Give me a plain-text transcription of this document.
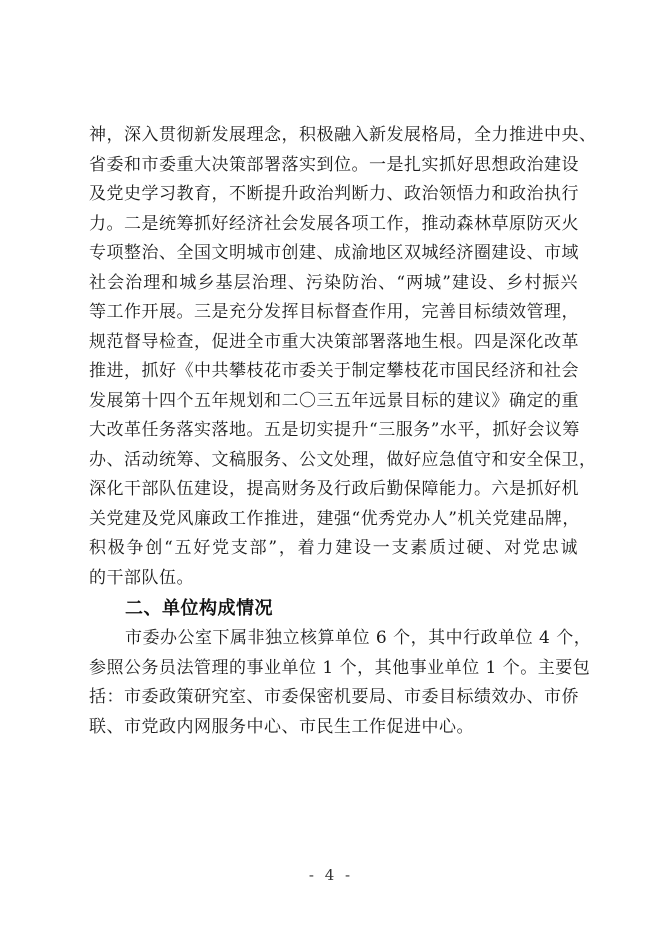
神，深入贯彻新发展理念，积极融入新发展格局，全力推进中央、
省委和市委重大决策部署落实到位。一是扎实抓好思想政治建设
及党史学习教育，不断提升政治判断力、政治领悟力和政治执行
力。二是统筹抓好经济社会发展各项工作，推动森林草原防灭火
专项整治、全国文明城市创建、成渝地区双城经济圈建设、市域
社会治理和城乡基层治理、污染防治、“两城”建设、乡村振兴
等工作开展。三是充分发挥目标督查作用，完善目标绩效管理，
规范督导检查，促进全市重大决策部署落地生根。四是深化改革
推进，抓好《中共攀枝花市委关于制定攀枝花市国民经济和社会
发展第十四个五年规划和二〇三五年远景目标的建议》确定的重
大改革任务落实落地。五是切实提升“三服务”水平，抓好会议筹
办、活动统筹、文稿服务、公文处理，做好应急值守和安全保卫，
深化干部队伍建设，提高财务及行政后勤保障能力。六是抓好机
关党建及党风廉政工作推进，建强“优秀党办人”机关党建品牌，
积极争创“五好党支部”，着力建设一支素质过硬、对党忠诚
的干部队伍。
二、单位构成情况
市委办公室下属非独立核算单位 6 个，其中行政单位 4 个，
参照公务员法管理的事业单位 1 个，其他事业单位 1 个。主要包
括：市委政策研究室、市委保密机要局、市委目标绩效办、市侨
联、市党政内网服务中心、市民生工作促进中心。
- 4 -
